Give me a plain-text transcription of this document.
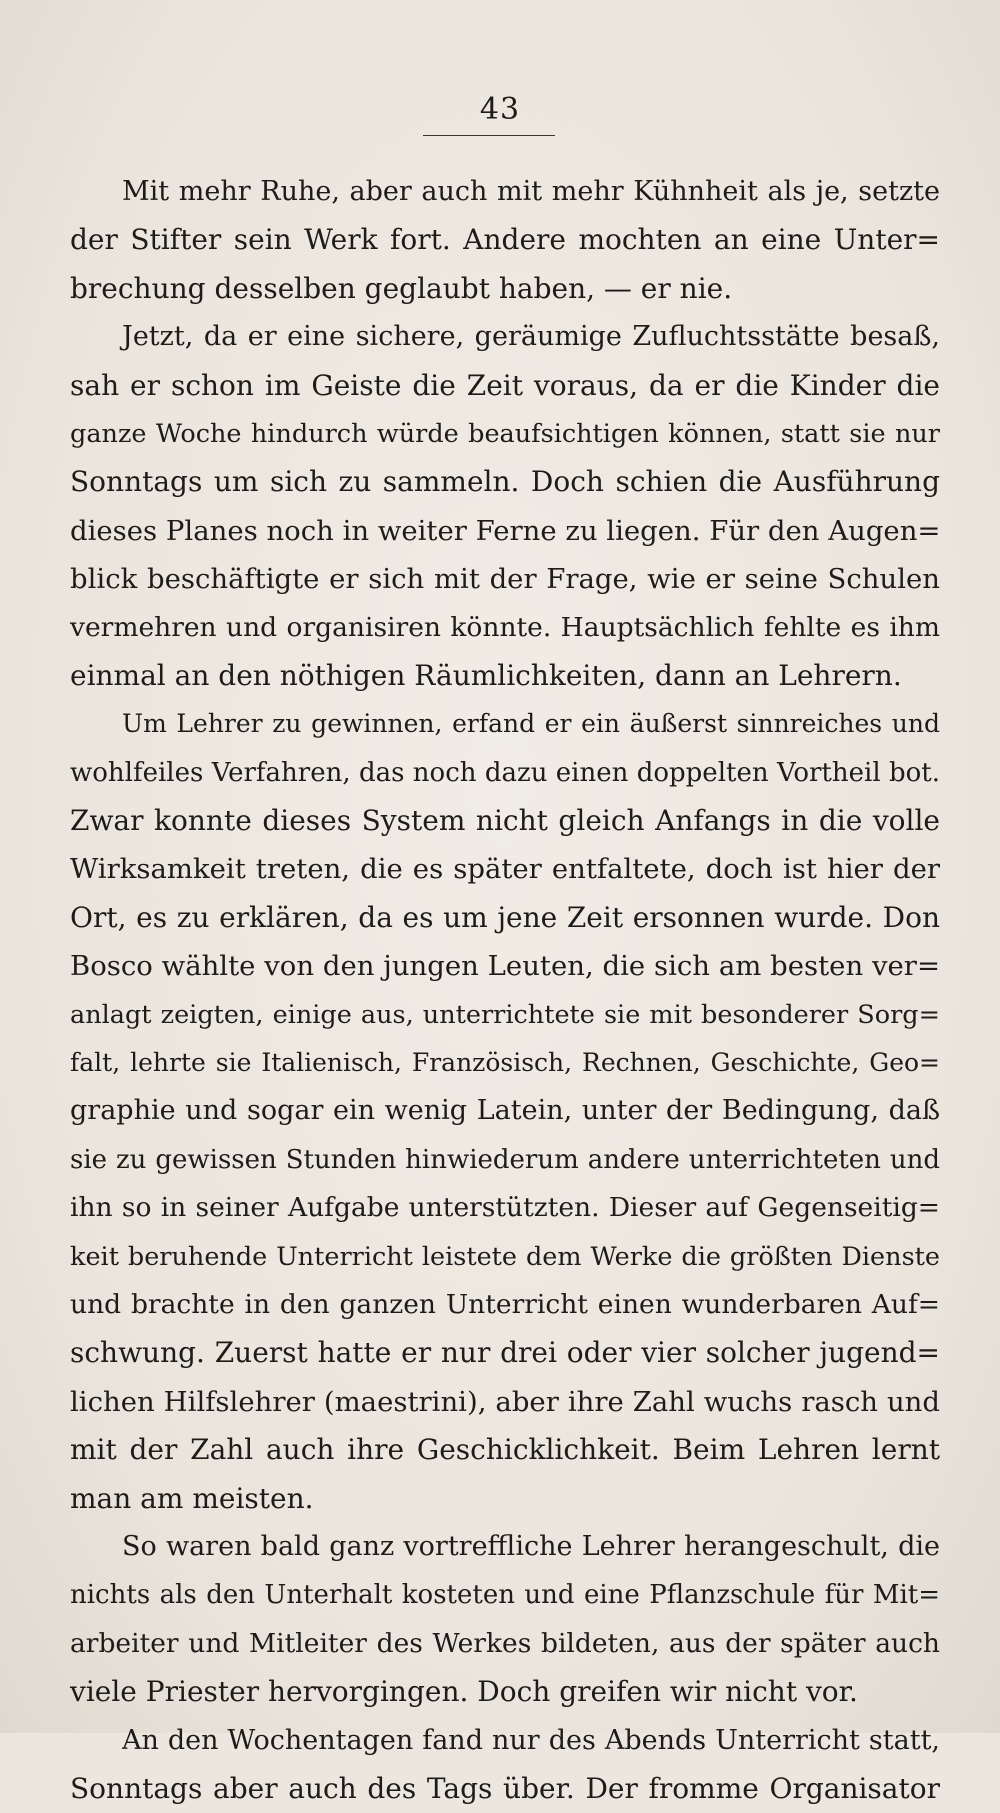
43
Mit mehr Ruhe, aber auch mit mehr Kühnheit als je, setzte
der Stifter sein Werk fort. Andere mochten an eine Unter=
brechung desselben geglaubt haben, — er nie.
Jetzt, da er eine sichere, geräumige Zufluchtsstätte besaß,
sah er schon im Geiste die Zeit voraus, da er die Kinder die
ganze Woche hindurch würde beaufsichtigen können, statt sie nur
Sonntags um sich zu sammeln. Doch schien die Ausführung
dieses Planes noch in weiter Ferne zu liegen. Für den Augen=
blick beschäftigte er sich mit der Frage, wie er seine Schulen
vermehren und organisiren könnte. Hauptsächlich fehlte es ihm
einmal an den nöthigen Räumlichkeiten, dann an Lehrern.
Um Lehrer zu gewinnen, erfand er ein äußerst sinnreiches und
wohlfeiles Verfahren, das noch dazu einen doppelten Vortheil bot.
Zwar konnte dieses System nicht gleich Anfangs in die volle
Wirksamkeit treten, die es später entfaltete, doch ist hier der
Ort, es zu erklären, da es um jene Zeit ersonnen wurde. Don
Bosco wählte von den jungen Leuten, die sich am besten ver=
anlagt zeigten, einige aus, unterrichtete sie mit besonderer Sorg=
falt, lehrte sie Italienisch, Französisch, Rechnen, Geschichte, Geo=
graphie und sogar ein wenig Latein, unter der Bedingung, daß
sie zu gewissen Stunden hinwiederum andere unterrichteten und
ihn so in seiner Aufgabe unterstützten. Dieser auf Gegenseitig=
keit beruhende Unterricht leistete dem Werke die größten Dienste
und brachte in den ganzen Unterricht einen wunderbaren Auf=
schwung. Zuerst hatte er nur drei oder vier solcher jugend=
lichen Hilfslehrer (maestrini), aber ihre Zahl wuchs rasch und
mit der Zahl auch ihre Geschicklichkeit. Beim Lehren lernt
man am meisten.
So waren bald ganz vortreffliche Lehrer herangeschult, die
nichts als den Unterhalt kosteten und eine Pflanzschule für Mit=
arbeiter und Mitleiter des Werkes bildeten, aus der später auch
viele Priester hervorgingen. Doch greifen wir nicht vor.
An den Wochentagen fand nur des Abends Unterricht statt,
Sonntags aber auch des Tags über. Der fromme Organisator
